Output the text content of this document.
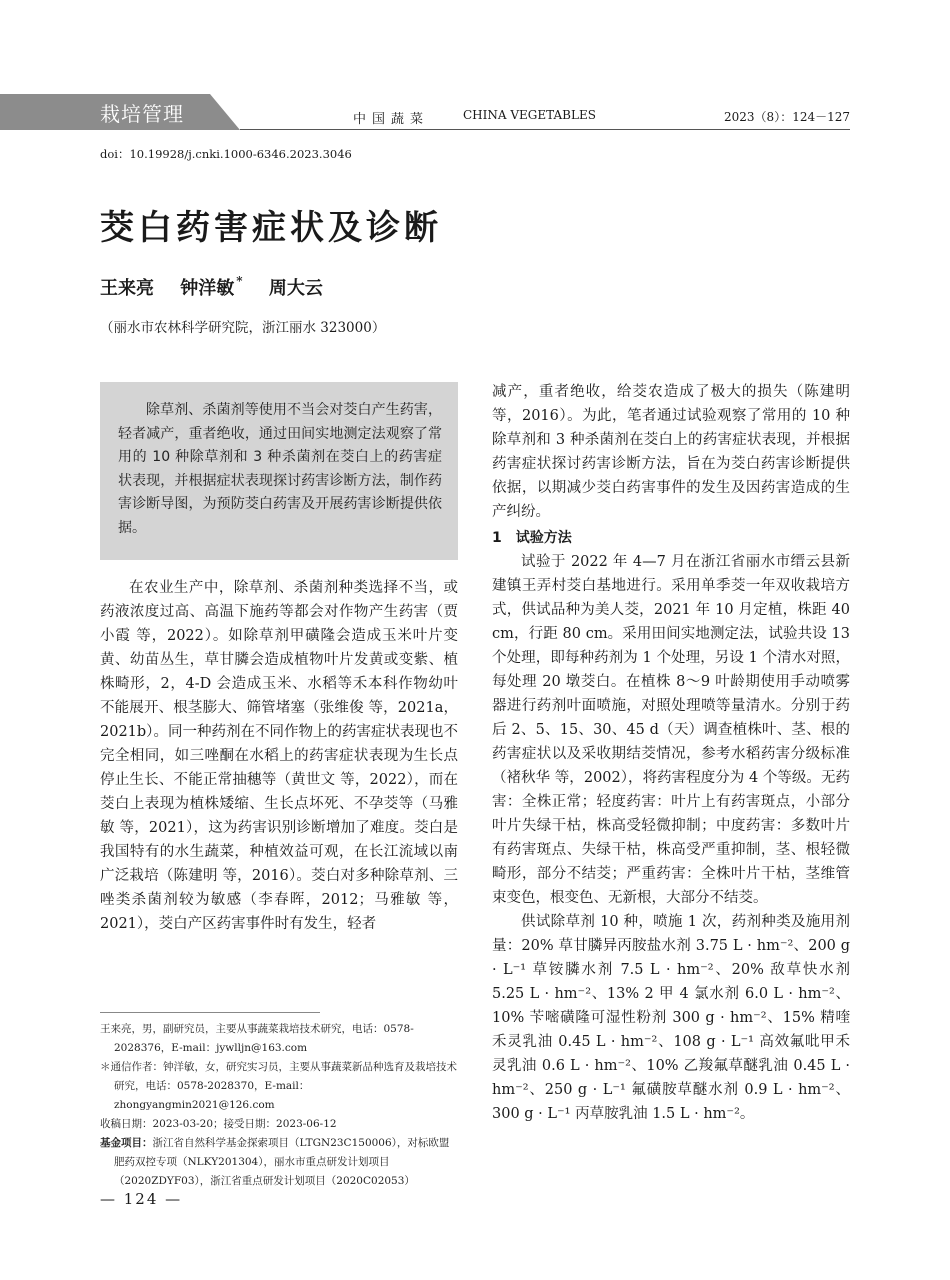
栽培管理	中国蔬菜	CHINA VEGETABLES	2023（8）：124－127
doi：10.19928/j.cnki.1000-6346.2023.3046
茭白药害症状及诊断
王来亮 钟洋敏 * 周大云
（丽水市农林科学研究院，浙江丽水 323000）
除草剂、杀菌剂等使用不当会对茭白产生药害，轻者减产，重者绝收，通过田间实地测定法观察了常用的 10 种除草剂和 3 种杀菌剂在茭白上的药害症状表现，并根据症状表现探讨药害诊断方法，制作药害诊断导图，为预防茭白药害及开展药害诊断提供依据。

在农业生产中，除草剂、杀菌剂种类选择不当，或药液浓度过高、高温下施药等都会对作物产生药害（贾小霞 等，2022）。如除草剂甲磺隆会造成玉米叶片变黄、幼苗丛生，草甘膦会造成植物叶片发黄或变紫、植株畸形，2，4-D 会造成玉米、水稻等禾本科作物幼叶不能展开、根茎膨大、筛管堵塞（张维俊 等，2021a，2021b）。同一种药剂在不同作物上的药害症状表现也不完全相同，如三唑酮在水稻上的药害症状表现为生长点停止生长、不能正常抽穗等（黄世文 等，2022），而在茭白上表现为植株矮缩、生长点坏死、不孕茭等（马雅敏 等，2021），这为药害识别诊断增加了难度。茭白是我国特有的水生蔬菜，种植效益可观，在长江流域以南广泛栽培（陈建明 等，2016）。茭白对多种除草剂、三唑类杀菌剂较为敏感（李春晖，2012；马雅敏 等，2021），茭白产区药害事件时有发生，轻者

减产，重者绝收，给茭农造成了极大的损失（陈建明 等，2016）。为此，笔者通过试验观察了常用的 10 种除草剂和 3 种杀菌剂在茭白上的药害症状表现，并根据药害症状探讨药害诊断方法，旨在为茭白药害诊断提供依据，以期减少茭白药害事件的发生及因药害造成的生产纠纷。

1 试验方法

试验于 2022 年 4—7 月在浙江省丽水市缙云县新建镇王弄村茭白基地进行。采用单季茭一年双收栽培方式，供试品种为美人茭，2021 年 10 月定植，株距 40 cm，行距 80 cm。采用田间实地测定法，试验共设 13 个处理，即每种药剂为 1 个处理，另设 1 个清水对照，每处理 20 墩茭白。在植株 8～9 叶龄期使用手动喷雾器进行药剂叶面喷施，对照处理喷等量清水。分别于药后 2、5、15、30、45 d（天）调查植株叶、茎、根的药害症状以及采收期结茭情况，参考水稻药害分级标准（褚秋华 等，2002），将药害程度分为 4 个等级。无药害：全株正常；轻度药害：叶片上有药害斑点，小部分叶片失绿干枯，株高受轻微抑制；中度药害：多数叶片有药害斑点、失绿干枯，株高受严重抑制，茎、根轻微畸形，部分不结茭；严重药害：全株叶片干枯，茎维管束变色，根变色、无新根，大部分不结茭。

供试除草剂 10 种，喷施 1 次，药剂种类及施用剂量：20% 草甘膦异丙胺盐水剂 3.75 L · hm⁻²、200 g · L⁻¹ 草铵膦水剂 7.5 L · hm⁻²、20% 敌草快水剂 5.25 L · hm⁻²、13% 2 甲 4 氯水剂 6.0 L · hm⁻²、10% 苄嘧磺隆可湿性粉剂 300 g · hm⁻²、15% 精喹禾灵乳油 0.45 L · hm⁻²、108 g · L⁻¹ 高效氟吡甲禾灵乳油 0.6 L · hm⁻²、10% 乙羧氟草醚乳油 0.45 L · hm⁻²、250 g · L⁻¹ 氟磺胺草醚水剂 0.9 L · hm⁻²、300 g · L⁻¹ 丙草胺乳油 1.5 L · hm⁻²。

王来亮，男，副研究员，主要从事蔬菜栽培技术研究，电话：0578-2028376，E-mail：jywlljn@163.com

＊通信作者：钟洋敏，女，研究实习员，主要从事蔬菜新品种选育及栽培技术研究，电话：0578-2028370，E-mail：zhongyangmin2021@126.com

收稿日期：2023-03-20；接受日期：2023-06-12

基金项目：浙江省自然科学基金探索项目（LTGN23C150006），对标欧盟肥药双控专项（NLKY201304），丽水市重点研发计划项目（2020ZDYF03），浙江省重点研发计划项目（2020C02053）

— 124 —
